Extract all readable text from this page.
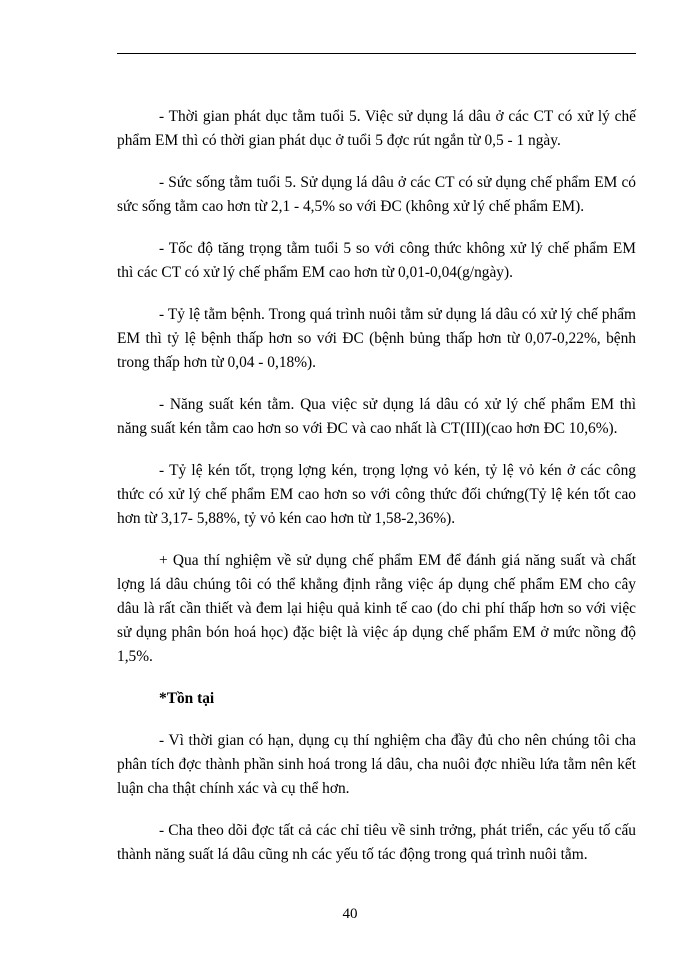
- Thời gian phát dục tằm tuổi 5. Việc sử dụng lá dâu ở các CT có xử lý chế phẩm EM thì có thời gian phát dục ở tuổi 5 đợc rút ngắn từ 0,5 - 1 ngày.

- Sức sống tằm tuổi 5. Sử dụng lá dâu ở các CT có sử dụng chế phẩm EM có sức sống tằm cao hơn từ 2,1 - 4,5% so với ĐC (không xử lý chế phẩm EM).

- Tốc độ tăng trọng tằm tuổi 5 so với công thức không xử lý chế phẩm EM thì các CT có xử lý chế phẩm EM cao hơn từ 0,01-0,04(g/ngày).

- Tỷ lệ tằm bệnh. Trong quá trình nuôi tằm sử dụng lá dâu có xử lý chế phẩm EM thì tỷ lệ bệnh thấp hơn so với ĐC (bệnh bủng thấp hơn từ 0,07-0,22%, bệnh trong thấp hơn từ 0,04 - 0,18%).

- Năng suất kén tằm. Qua việc sử dụng lá dâu có xử lý chế phẩm EM thì năng suất kén tằm cao hơn so với ĐC và cao nhất là CT(III)(cao hơn ĐC 10,6%).

- Tỷ lệ kén tốt, trọng lợng kén, trọng lợng vỏ kén, tỷ lệ vỏ kén ở các công thức có xử lý chế phẩm EM cao hơn so với công thức đối chứng(Tỷ lệ kén tốt cao hơn từ 3,17- 5,88%, tỷ vỏ kén cao hơn từ 1,58-2,36%).

+ Qua thí nghiệm về sử dụng chế phẩm EM để đánh giá năng suất và chất lợng lá dâu chúng tôi có thể khẳng định rằng việc áp dụng chế phẩm EM cho cây dâu là rất cần thiết và đem lại hiệu quả kinh tế cao (do chi phí thấp hơn so với việc sử dụng phân bón hoá học) đặc biệt là việc áp dụng chế phẩm EM ở mức nồng độ 1,5%.

*Tồn tại

- Vì thời gian có hạn, dụng cụ thí nghiệm cha đầy đủ cho nên chúng tôi cha phân tích đợc thành phần sinh hoá trong lá dâu, cha nuôi đợc nhiều lứa tằm nên kết luận cha thật chính xác và cụ thể hơn.

- Cha theo dõi đợc tất cả các chỉ tiêu về sinh trởng, phát triển, các yếu tố cấu thành năng suất lá dâu cũng nh các yếu tố tác động trong quá trình nuôi tằm.

40
